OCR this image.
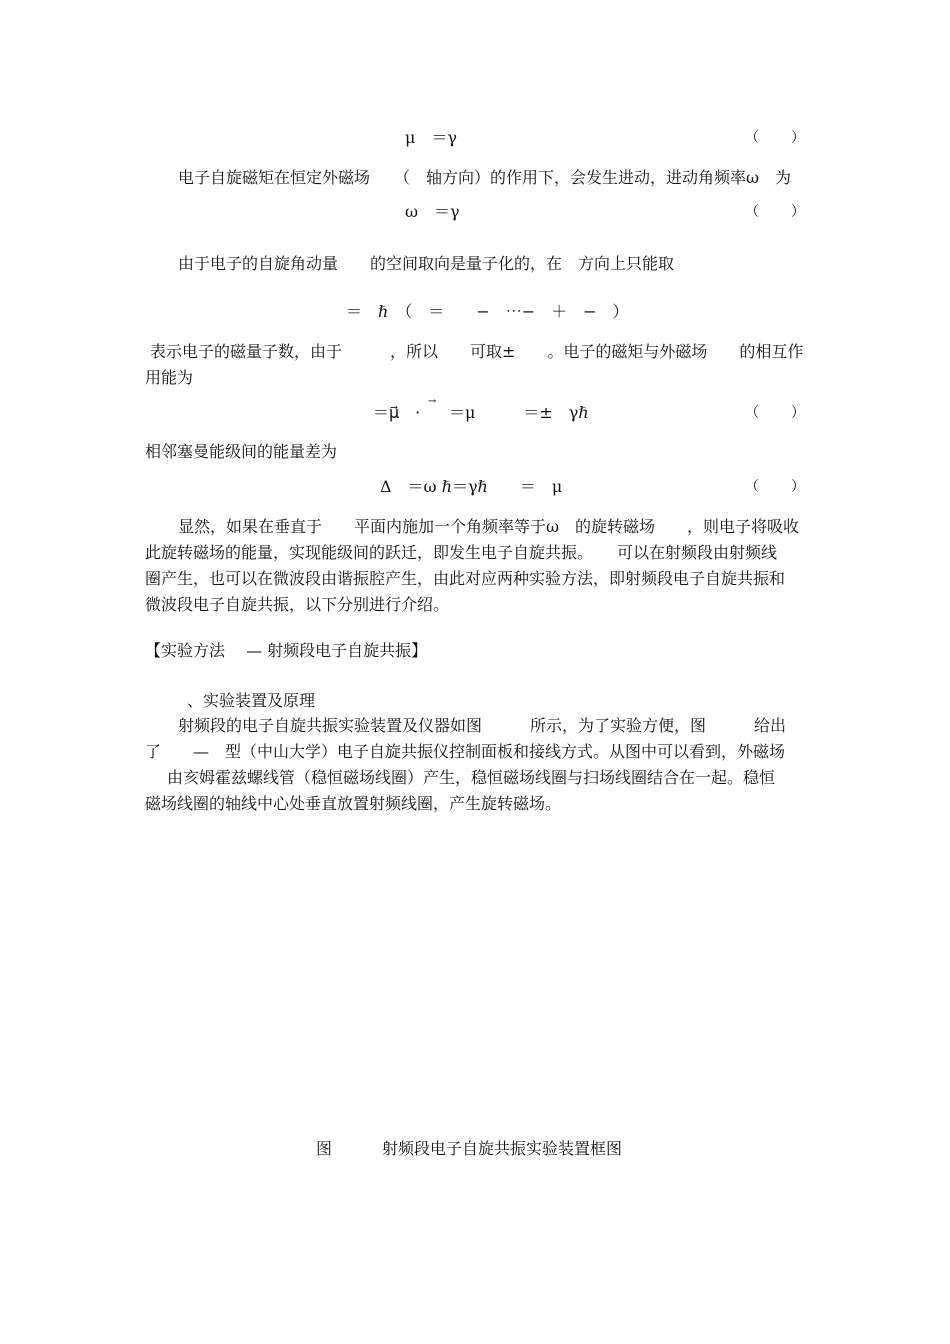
μ　＝γ	（ ）
电子自旋磁矩在恒定外磁场　　（　轴方向）的作用下，会发生进动，进动角频率ω　为
ω　＝γ	（ ）
由于电子的自旋角动量　　的空间取向是量子化的，在　方向上只能取
＝　ℏ　（　＝　　−　⋯−　＋　−　）
表示电子的磁量子数，由于　　　，所以　　可取±　　。电子的磁矩与外磁场　　的相互作
用能为
→
＝μ⃗　· ＝μ　　　＝±　γℏ	（ ）
相邻塞曼能级间的能量差为
Δ　＝ω ℏ＝γℏ　　＝　μ	（ ）
显然，如果在垂直于　　平面内施加一个角频率等于ω　的旋转磁场　　，则电子将吸收
此旋转磁场的能量，实现能级间的跃迁，即发生电子自旋共振。　　可以在射频段由射频线
圈产生，也可以在微波段由谐振腔产生，由此对应两种实验方法，即射频段电子自旋共振和
微波段电子自旋共振，以下分别进行介绍。
【实验方法　 — 射频段电子自旋共振】
、实验装置及原理
射频段的电子自旋共振实验装置及仪器如图　　　所示，为了实验方便，图　　　给出
了　　—　型（中山大学）电子自旋共振仪控制面板和接线方式。从图中可以看到，外磁场
由亥姆霍兹螺线管（稳恒磁场线圈）产生，稳恒磁场线圈与扫场线圈结合在一起。稳恒
磁场线圈的轴线中心处垂直放置射频线圈，产生旋转磁场。
图	射频段电子自旋共振实验装置框图
